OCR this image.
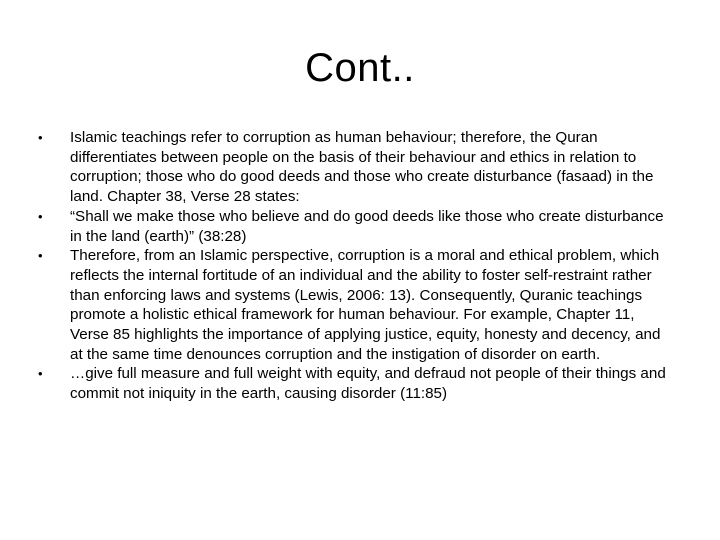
Cont..
•	Islamic teachings refer to corruption as human behaviour; therefore, the Quran differentiates between people on the basis of their behaviour and ethics in relation to corruption; those who do good deeds and those who create disturbance (fasaad) in the land. Chapter 38, Verse 28 states:
•	“Shall we make those who believe and do good deeds like those who create disturbance in the land (earth)” (38:28)
•	Therefore, from an Islamic perspective, corruption is a moral and ethical problem, which reflects the internal fortitude of an individual and the ability to foster self-restraint rather than enforcing laws and systems (Lewis, 2006: 13). Consequently, Quranic teachings promote a holistic ethical framework for human behaviour. For example, Chapter 11, Verse 85 highlights the importance of applying justice, equity, honesty and decency, and at the same time denounces corruption and the instigation of disorder on earth.
•	…give full measure and full weight with equity, and defraud not people of their things and commit not iniquity in the earth, causing disorder (11:85)
